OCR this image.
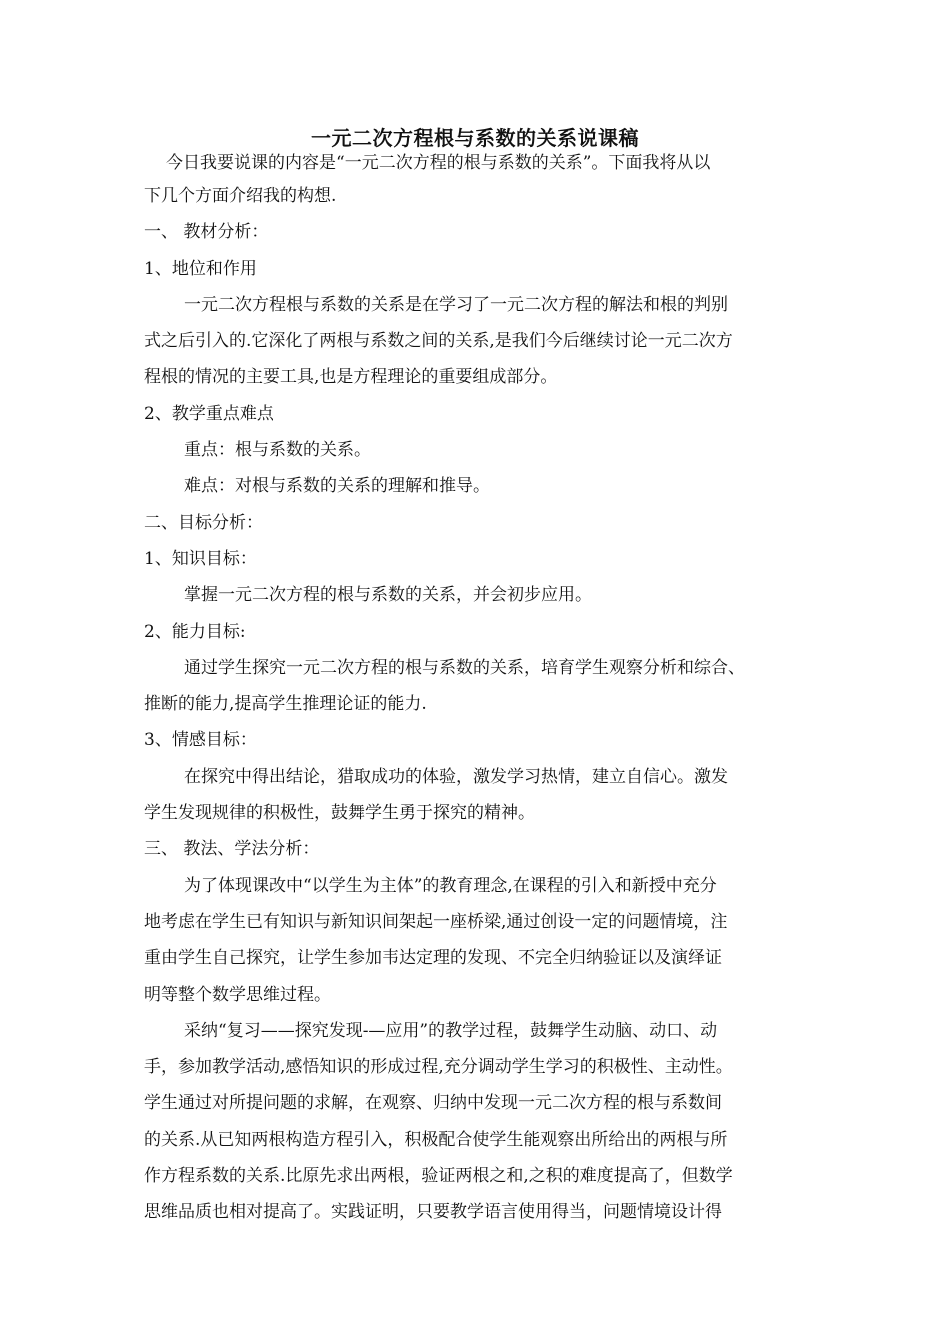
一元二次方程根与系数的关系说课稿
今日我要说课的内容是“一元二次方程的根与系数的关系”。下面我将从以
下几个方面介绍我的构想.
一、 教材分析：
1、地位和作用
一元二次方程根与系数的关系是在学习了一元二次方程的解法和根的判别
式之后引入的.它深化了两根与系数之间的关系,是我们今后继续讨论一元二次方
程根的情况的主要工具,也是方程理论的重要组成部分。
2、教学重点难点
重点：根与系数的关系。
难点：对根与系数的关系的理解和推导。
二、目标分析：
1、知识目标：
掌握一元二次方程的根与系数的关系，并会初步应用。
2、能力目标:
通过学生探究一元二次方程的根与系数的关系，培育学生观察分析和综合、
推断的能力,提高学生推理论证的能力.
3、情感目标：
在探究中得出结论，猎取成功的体验，激发学习热情，建立自信心。激发
学生发现规律的积极性，鼓舞学生勇于探究的精神。
三、 教法、学法分析：
为了体现课改中“以学生为主体”的教育理念,在课程的引入和新授中充分
地考虑在学生已有知识与新知识间架起一座桥梁,通过创设一定的问题情境，注
重由学生自己探究，让学生参加韦达定理的发现、不完全归纳验证以及演绎证
明等整个数学思维过程。
采纳“复习——探究发现-—应用”的教学过程，鼓舞学生动脑、动口、动
手，参加教学活动,感悟知识的形成过程,充分调动学生学习的积极性、主动性。
学生通过对所提问题的求解，在观察、归纳中发现一元二次方程的根与系数间
的关系.从已知两根构造方程引入，积极配合使学生能观察出所给出的两根与所
作方程系数的关系.比原先求出两根，验证两根之和,之积的难度提高了，但数学
思维品质也相对提高了。实践证明，只要教学语言使用得当，问题情境设计得
